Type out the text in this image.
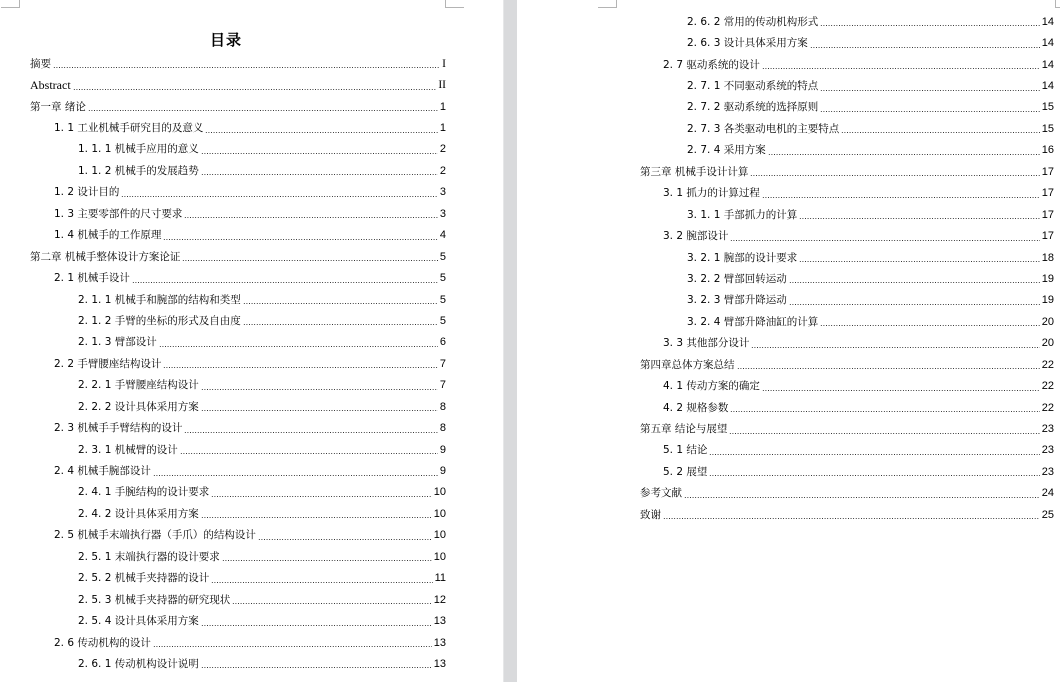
目录
摘要	I
Abstract	II
第一章 绪论	1
1. 1 工业机械手研究目的及意义	1
1. 1. 1 机械手应用的意义	2
1. 1. 2 机械手的发展趋势	2
1. 2 设计目的	3
1. 3 主要零部件的尺寸要求	3
1. 4 机械手的工作原理	4
第二章 机械手整体设计方案论证	5
2. 1 机械手设计	5
2. 1. 1 机械手和腕部的结构和类型	5
2. 1. 2 手臂的坐标的形式及自由度	5
2. 1. 3 臂部设计	6
2. 2 手臂腰座结构设计	7
2. 2. 1 手臂腰座结构设计	7
2. 2. 2 设计具体采用方案	8
2. 3 机械手手臂结构的设计	8
2. 3. 1 机械臂的设计	9
2. 4 机械手腕部设计	9
2. 4. 1 手腕结构的设计要求	10
2. 4. 2 设计具体采用方案	10
2. 5 机械手末端执行器（手爪）的结构设计	10
2. 5. 1 末端执行器的设计要求	10
2. 5. 2 机械手夹持器的设计	11
2. 5. 3 机械手夹持器的研究现状	12
2. 5. 4 设计具体采用方案	13
2. 6 传动机构的设计	13
2. 6. 1 传动机构设计说明	13
2. 6. 2 常用的传动机构形式	14
2. 6. 3 设计具体采用方案	14
2. 7 驱动系统的设计	14
2. 7. 1 不同驱动系统的特点	14
2. 7. 2 驱动系统的选择原则	15
2. 7. 3 各类驱动电机的主要特点	15
2. 7. 4 采用方案	16
第三章 机械手设计计算	17
3. 1 抓力的计算过程	17
3. 1. 1 手部抓力的计算	17
3. 2 腕部设计	17
3. 2. 1 腕部的设计要求	18
3. 2. 2 臂部回转运动	19
3. 2. 3 臂部升降运动	19
3. 2. 4 臂部升降油缸的计算	20
3. 3 其他部分设计	20
第四章总体方案总结	22
4. 1 传动方案的确定	22
4. 2 规格参数	22
第五章 结论与展望	23
5. 1 结论	23
5. 2 展望	23
参考文献	24
致谢	25
